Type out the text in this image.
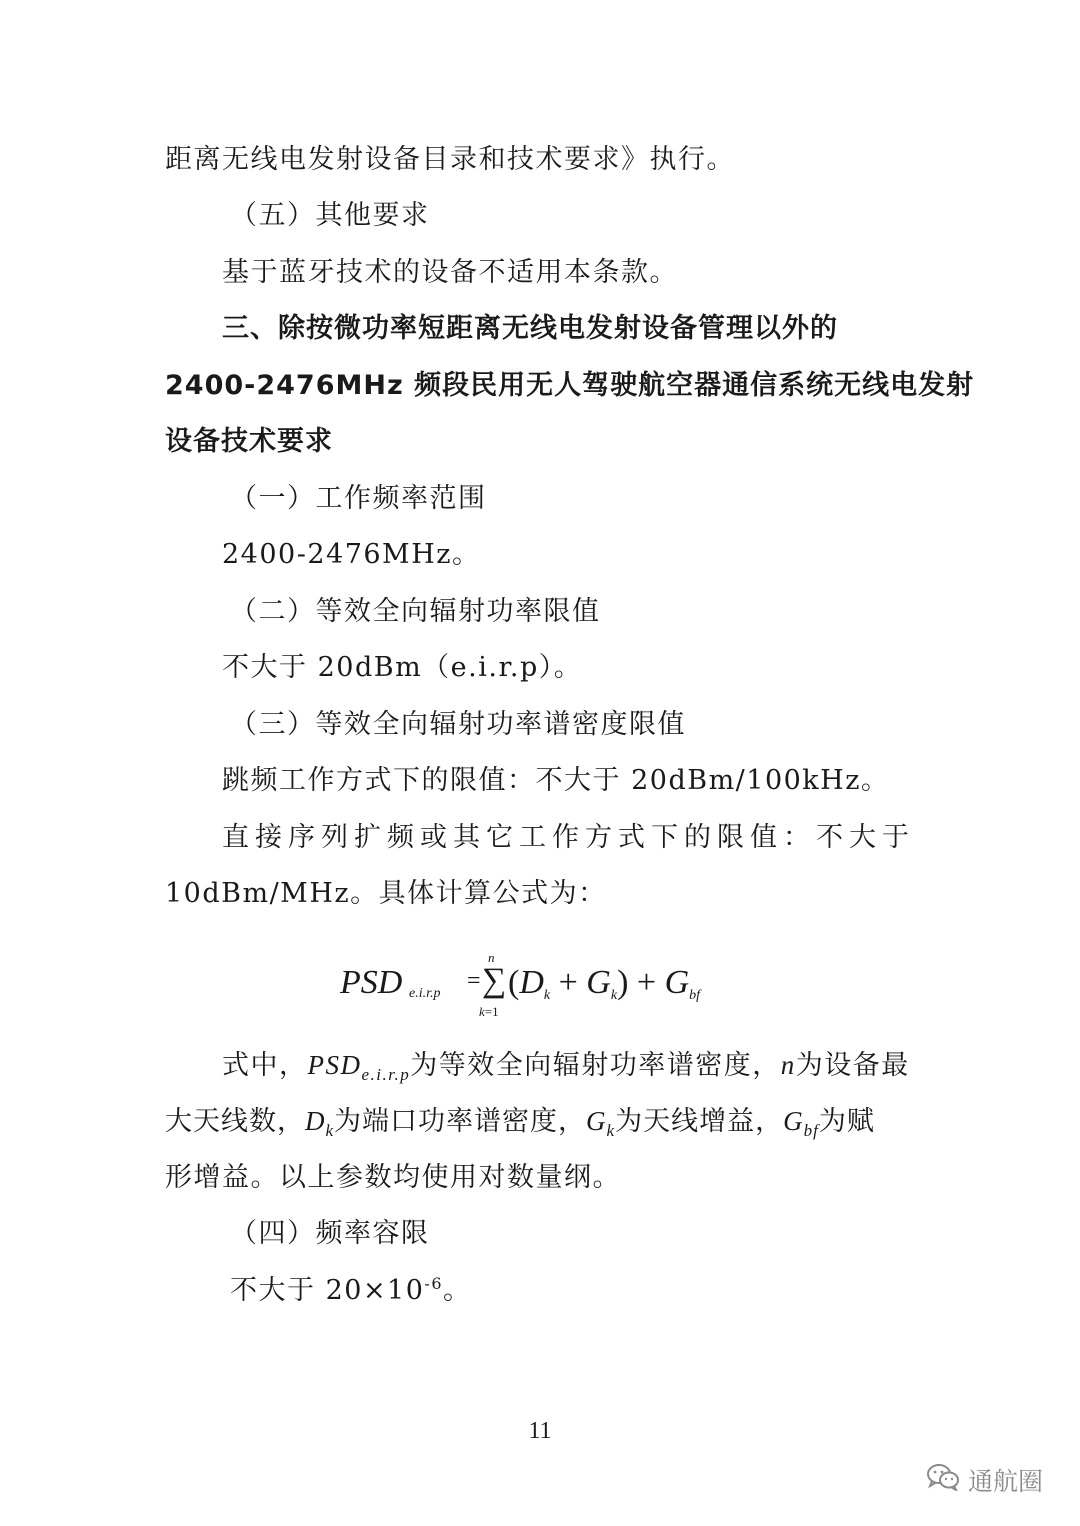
距离无线电发射设备目录和技术要求》执行。
（五）其他要求
基于蓝牙技术的设备不适用本条款。
三、除按微功率短距离无线电发射设备管理以外的
2400-2476MHz 频段民用无人驾驶航空器通信系统无线电发射
设备技术要求
（一）工作频率范围
2400-2476MHz。
（二）等效全向辐射功率限值
不大于 20dBm（e.i.r.p）。
（三）等效全向辐射功率谱密度限值
跳频工作方式下的限值：不大于 20dBm/100kHz。
直接序列扩频或其它工作方式下的限值：不大于
10dBm/MHz。具体计算公式为：
PSD e.i.r.p =
n
∑
k=1
(Dk + Gk) + Gbf
式中，$PSD_{e.i.r.p}$为等效全向辐射功率谱密度，n为设备最
大天线数，$D_k$为端口功率谱密度，$G_k$为天线增益，$G_{bf}$为赋
形增益。以上参数均使用对数量纲。
（四）频率容限
不大于 $20\times 10^{-6}$。
11
通航圈
